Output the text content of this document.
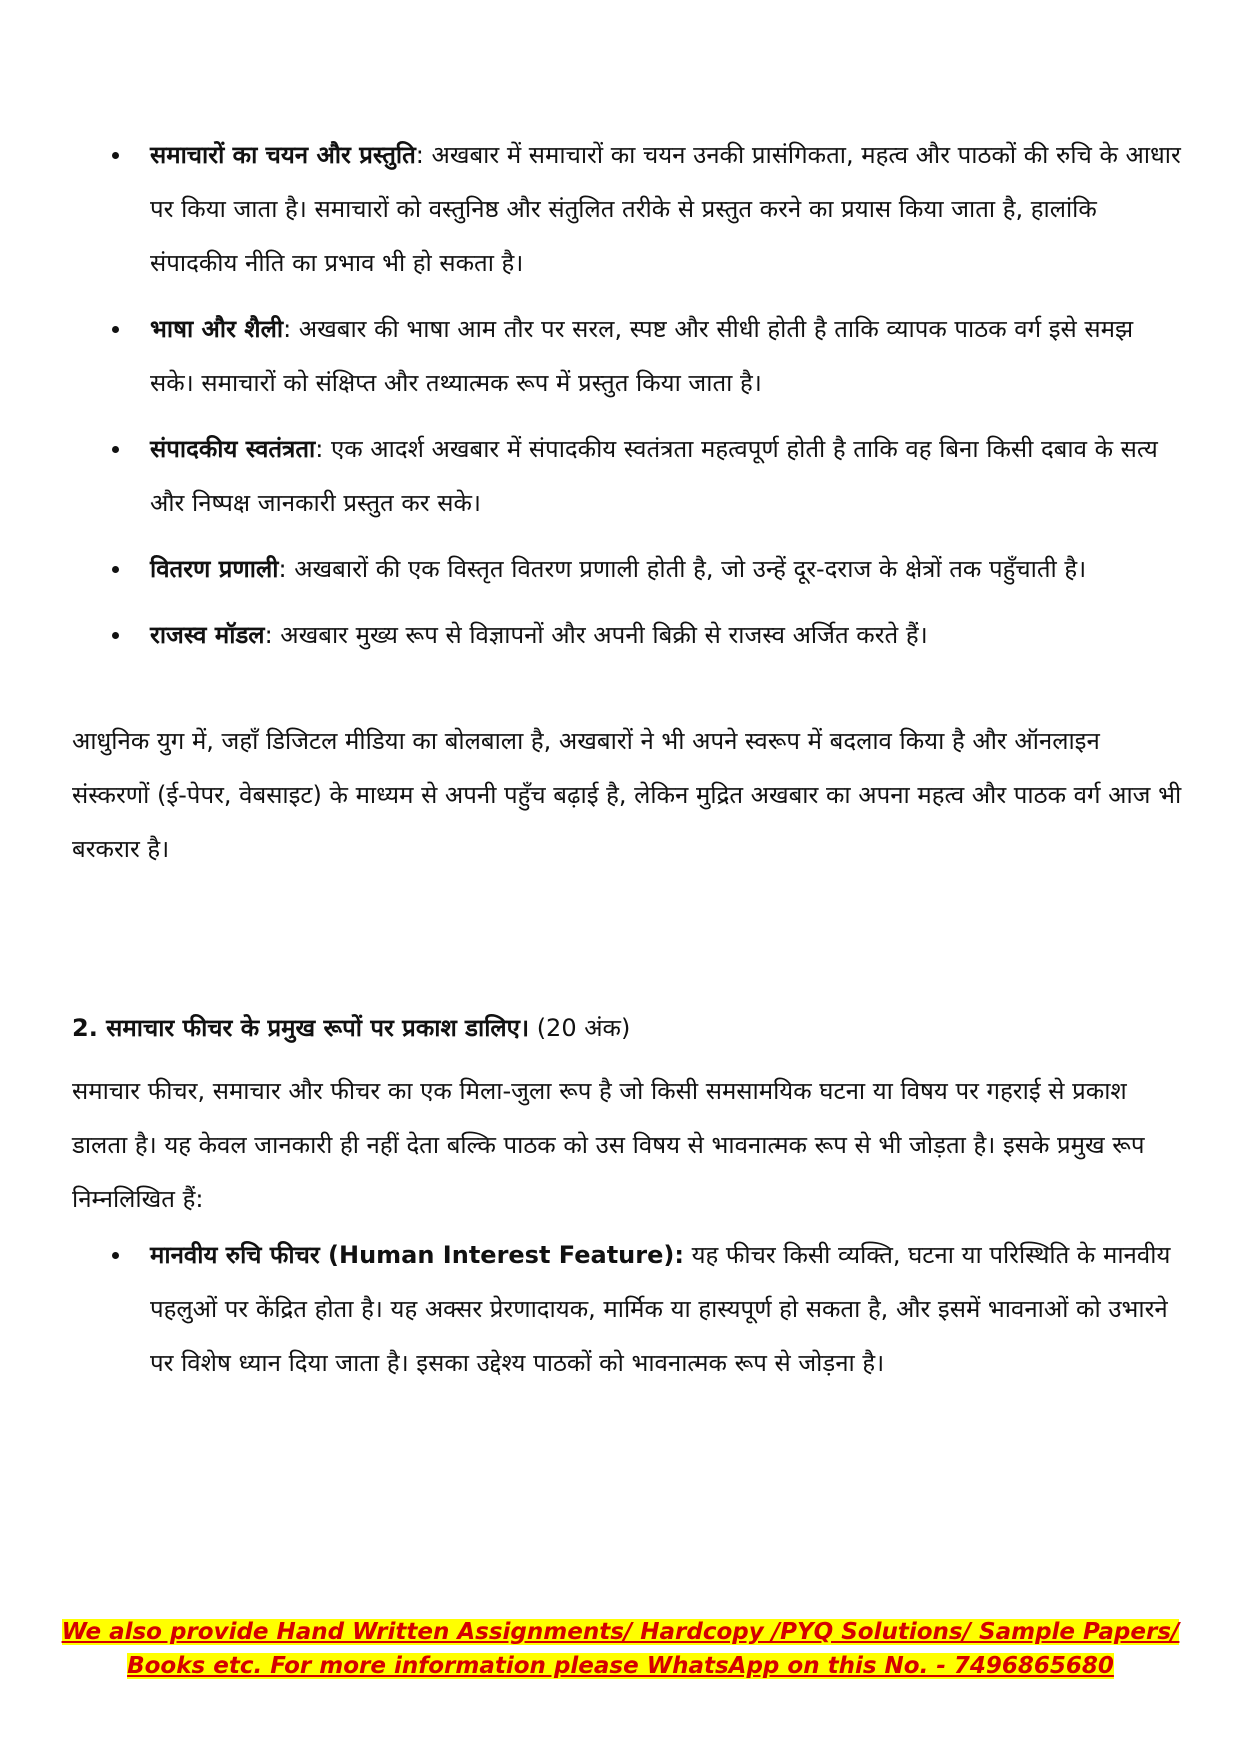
समाचारों का चयन और प्रस्तुति: अखबार में समाचारों का चयन उनकी प्रासंगिकता, महत्व और पाठकों की रुचि के आधार पर किया जाता है। समाचारों को वस्तुनिष्ठ और संतुलित तरीके से प्रस्तुत करने का प्रयास किया जाता है, हालांकि संपादकीय नीति का प्रभाव भी हो सकता है।
भाषा और शैली: अखबार की भाषा आम तौर पर सरल, स्पष्ट और सीधी होती है ताकि व्यापक पाठक वर्ग इसे समझ सके। समाचारों को संक्षिप्त और तथ्यात्मक रूप में प्रस्तुत किया जाता है।
संपादकीय स्वतंत्रता: एक आदर्श अखबार में संपादकीय स्वतंत्रता महत्वपूर्ण होती है ताकि वह बिना किसी दबाव के सत्य और निष्पक्ष जानकारी प्रस्तुत कर सके।
वितरण प्रणाली: अखबारों की एक विस्तृत वितरण प्रणाली होती है, जो उन्हें दूर-दराज के क्षेत्रों तक पहुँचाती है।
राजस्व मॉडल: अखबार मुख्य रूप से विज्ञापनों और अपनी बिक्री से राजस्व अर्जित करते हैं।

आधुनिक युग में, जहाँ डिजिटल मीडिया का बोलबाला है, अखबारों ने भी अपने स्वरूप में बदलाव किया है और ऑनलाइन संस्करणों (ई-पेपर, वेबसाइट) के माध्यम से अपनी पहुँच बढ़ाई है, लेकिन मुद्रित अखबार का अपना महत्व और पाठक वर्ग आज भी बरकरार है।

2. समाचार फीचर के प्रमुख रूपों पर प्रकाश डालिए। (20 अंक)

समाचार फीचर, समाचार और फीचर का एक मिला-जुला रूप है जो किसी समसामयिक घटना या विषय पर गहराई से प्रकाश डालता है। यह केवल जानकारी ही नहीं देता बल्कि पाठक को उस विषय से भावनात्मक रूप से भी जोड़ता है। इसके प्रमुख रूप निम्नलिखित हैं:

मानवीय रुचि फीचर (Human Interest Feature): यह फीचर किसी व्यक्ति, घटना या परिस्थिति के मानवीय पहलुओं पर केंद्रित होता है। यह अक्सर प्रेरणादायक, मार्मिक या हास्यपूर्ण हो सकता है, और इसमें भावनाओं को उभारने पर विशेष ध्यान दिया जाता है। इसका उद्देश्य पाठकों को भावनात्मक रूप से जोड़ना है।
We also provide Hand Written Assignments/ Hardcopy /PYQ Solutions/ Sample Papers/
Books etc. For more information please WhatsApp on this No. - 7496865680
